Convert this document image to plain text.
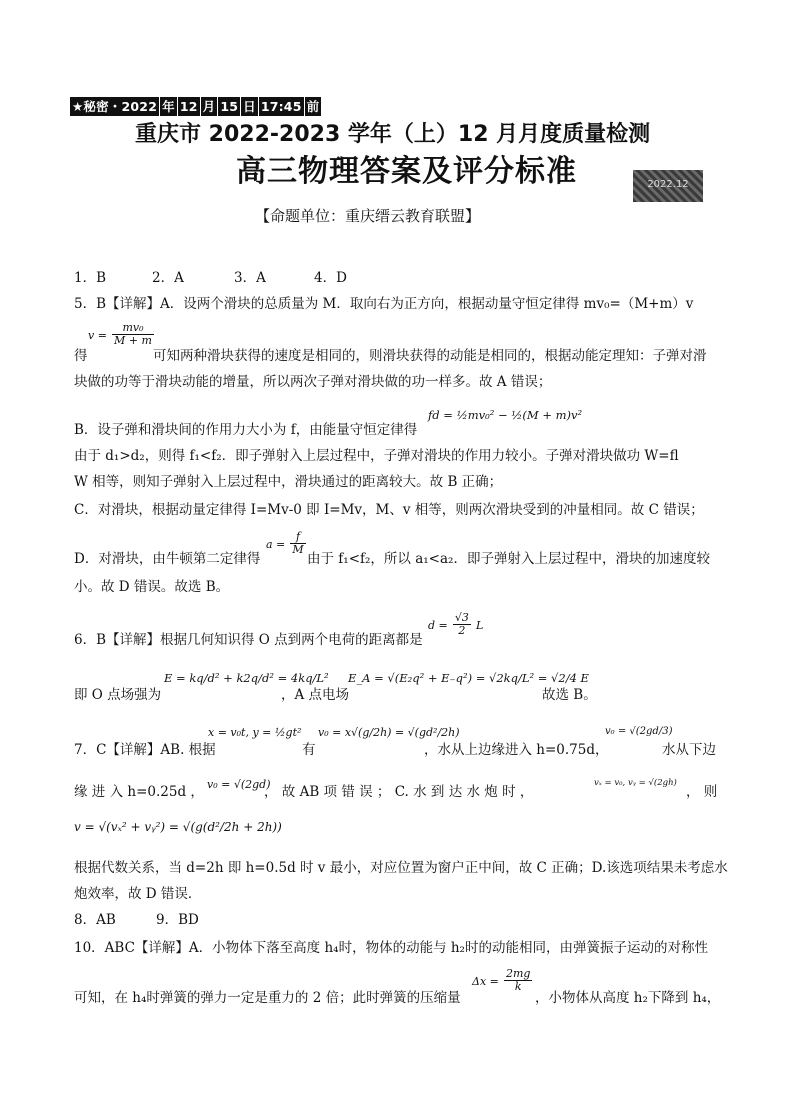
★秘密・2022 年 12 月 15 日 17:45 前
重庆市 2022-2023 学年（上）12 月月度质量检测
高三物理答案及评分标准	2022.12
【命题单位：重庆缙云教育联盟】
1．B	2．A	3．A	4．D
5．B【详解】A．设两个滑块的总质量为 M．取向右为正方向，根据动量守恒定律得 mv₀=（M+m）v
$v = \frac{\text{mv₀}}{M + m}$
得	可知两种滑块获得的速度是相同的，则滑块获得的动能是相同的，根据动能定理知：子弹对滑
块做的功等于滑块动能的增量，所以两次子弹对滑块做的功一样多。故 A 错误；
B．设子弹和滑块间的作用力大小为 f，由能量守恒定律得
fd = ½mv₀² − ½(M + m)v²
由于 d₁>d₂，则得 f₁<f₂．即子弹射入上层过程中，子弹对滑块的作用力较小。子弹对滑块做功 W=fl
W 相等，则知子弹射入上层过程中，滑块通过的距离较大。故 B 正确；
C．对滑块，根据动量定律得 I=Mv-0 即 I=Mv，M、v 相等，则两次滑块受到的冲量相同。故 C 错误；
D．对滑块，由牛顿第二定律得
$a = \frac{f}{M}$
由于 f₁<f₂，所以 a₁<a₂．即子弹射入上层过程中，滑块的加速度较
小。故 D 错误。故选 B。
6．B【详解】根据几何知识得 O 点到两个电荷的距离都是
$d = \frac{√3}{2}$ L
即 O 点场强为
E = kq/d² + k2q/d² = 4kq/L²
，A 点电场
E_A = √(E₂q² + E₋q²) = √2kq/L² = √2/4 E
故选 B。
7．C【详解】AB. 根据
x = v₀t, y = ½gt²
有
v₀ = x√(g/2h) = √(gd²/2h)
，水从上边缘进入 h=0.75d，
v₀ = √(2gd/3)
水从下边
缘 进 入 h=0.25d ， v₀ = √(2gd)
， 故 AB 项 错 误 ； C. 水 到 达 水 炮 时 ，
vₓ = v₀, vᵧ = √(2gh)
， 则
v = √(vₓ² + vᵧ²) = √(g(d²/2h + 2h))
根据代数关系，当 d=2h 即 h=0.5d 时 v 最小，对应位置为窗户正中间，故 C 正确；D.该选项结果未考虑水
炮效率，故 D 错误．
8．AB	9．BD
10．ABC【详解】A．小物体下落至高度 h₄时，物体的动能与 h₂时的动能相同，由弹簧振子运动的对称性
可知，在 h₄时弹簧的弹力一定是重力的 2 倍；此时弹簧的压缩量
$\Delta x = \frac{2mg}{k}$
，小物体从高度 h₂下降到 h₄，
